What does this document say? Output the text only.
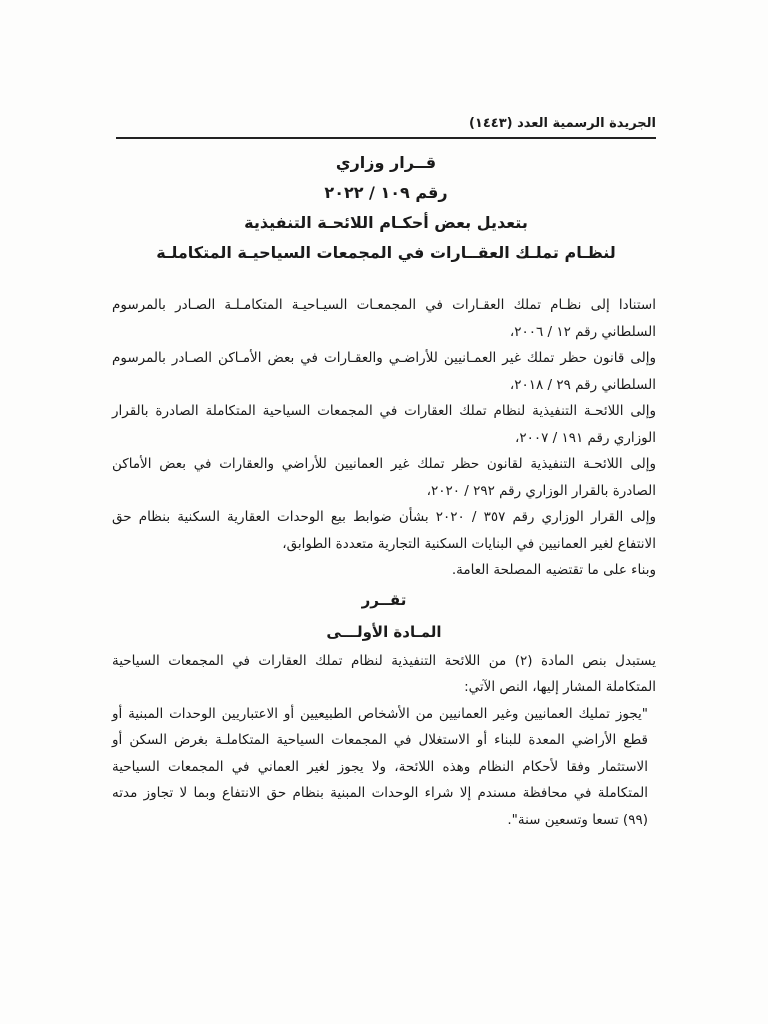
الجريدة الرسمية العدد (١٤٤٣)
قــرار وزاري
رقم ١٠٩ / ٢٠٢٢
بتعديل بعض أحكـام اللائحـة التنفيذية
لنظـام تملـك العقــارات في المجمعات السياحيـة المتكاملـة

استنادا إلى نظـام تملك العقـارات في المجمعـات السيـاحيـة المتكامـلـة الصـادر بالمرسوم السلطاني رقم ١٢ / ٢٠٠٦،

وإلى قانون حظر تملك غير العمـانيين للأراضـي والعقـارات في بعض الأمـاكن الصـادر بالمرسوم السلطاني رقم ٢٩ / ٢٠١٨،

وإلى اللائحـة التنفيذية لنظام تملك العقارات في المجمعات السياحية المتكاملة الصادرة بالقرار الوزاري رقم ١٩١ / ٢٠٠٧،

وإلى اللائحـة التنفيذية لقانون حظر تملك غير العمانيين للأراضي والعقارات في بعض الأماكن الصادرة بالقرار الوزاري رقم ٢٩٢ / ٢٠٢٠،

وإلى القرار الوزاري رقم ٣٥٧ / ٢٠٢٠ بشأن ضوابط بيع الوحدات العقارية السكنية بنظام حق الانتفاع لغير العمانيين في البنايات السكنية التجارية متعددة الطوابق،

وبناء على ما تقتضيه المصلحة العامة.

تقــرر

المـادة الأولـــى

يستبدل بنص المادة (٢) من اللائحة التنفيذية لنظام تملك العقارات في المجمعات السياحية المتكاملة المشار إليها، النص الآتي:

"يجوز تمليك العمانيين وغير العمانيين من الأشخاص الطبيعيين أو الاعتباريين الوحدات المبنية أو قطع الأراضي المعدة للبناء أو الاستغلال في المجمعات السياحية المتكاملـة بغرض السكن أو الاستثمار وفقا لأحكام النظام وهذه اللائحة، ولا يجوز لغير العماني في المجمعات السياحية المتكاملة في محافظة مسندم إلا شراء الوحدات المبنية بنظام حق الانتفاع وبما لا تجاوز مدته (٩٩) تسعا وتسعين سنة".
